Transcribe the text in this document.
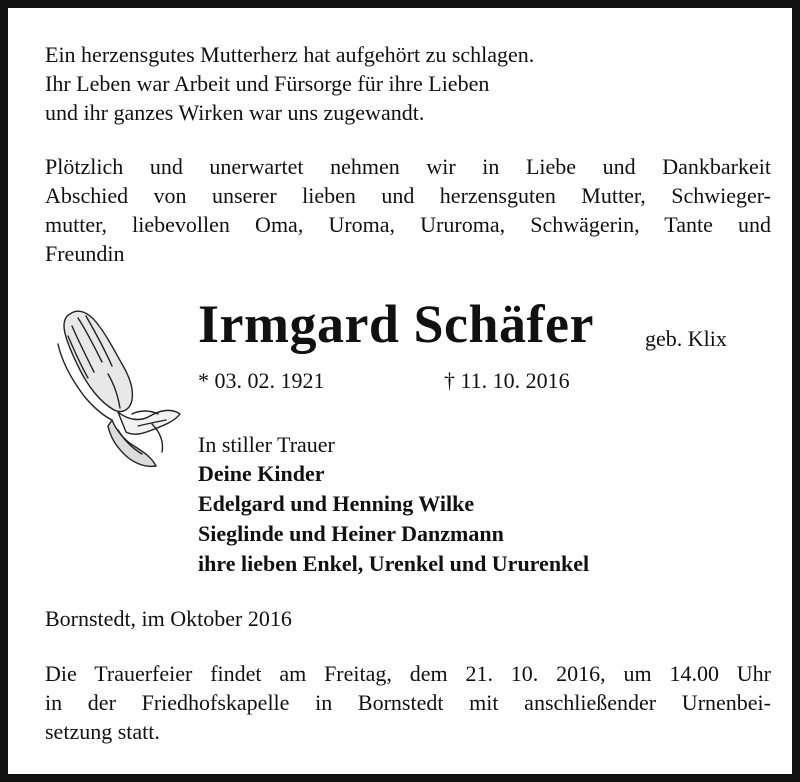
Ein herzensgutes Mutterherz hat aufgehört zu schlagen.
Ihr Leben war Arbeit und Fürsorge für ihre Lieben
und ihr ganzes Wirken war uns zugewandt.
Plötzlich und unerwartet nehmen wir in Liebe und Dankbarkeit
Abschied von unserer lieben und herzensguten Mutter, Schwieger-
mutter, liebevollen Oma, Uroma, Ururoma, Schwägerin, Tante und
Freundin
Irmgard Schäfer geb. Klix
* 03. 02. 1921	† 11. 10. 2016
In stiller Trauer
Deine Kinder
Edelgard und Henning Wilke
Sieglinde und Heiner Danzmann
ihre lieben Enkel, Urenkel und Ururenkel
Bornstedt, im Oktober 2016
Die Trauerfeier findet am Freitag, dem 21. 10. 2016, um 14.00 Uhr
in der Friedhofskapelle in Bornstedt mit anschließender Urnenbei-
setzung statt.
